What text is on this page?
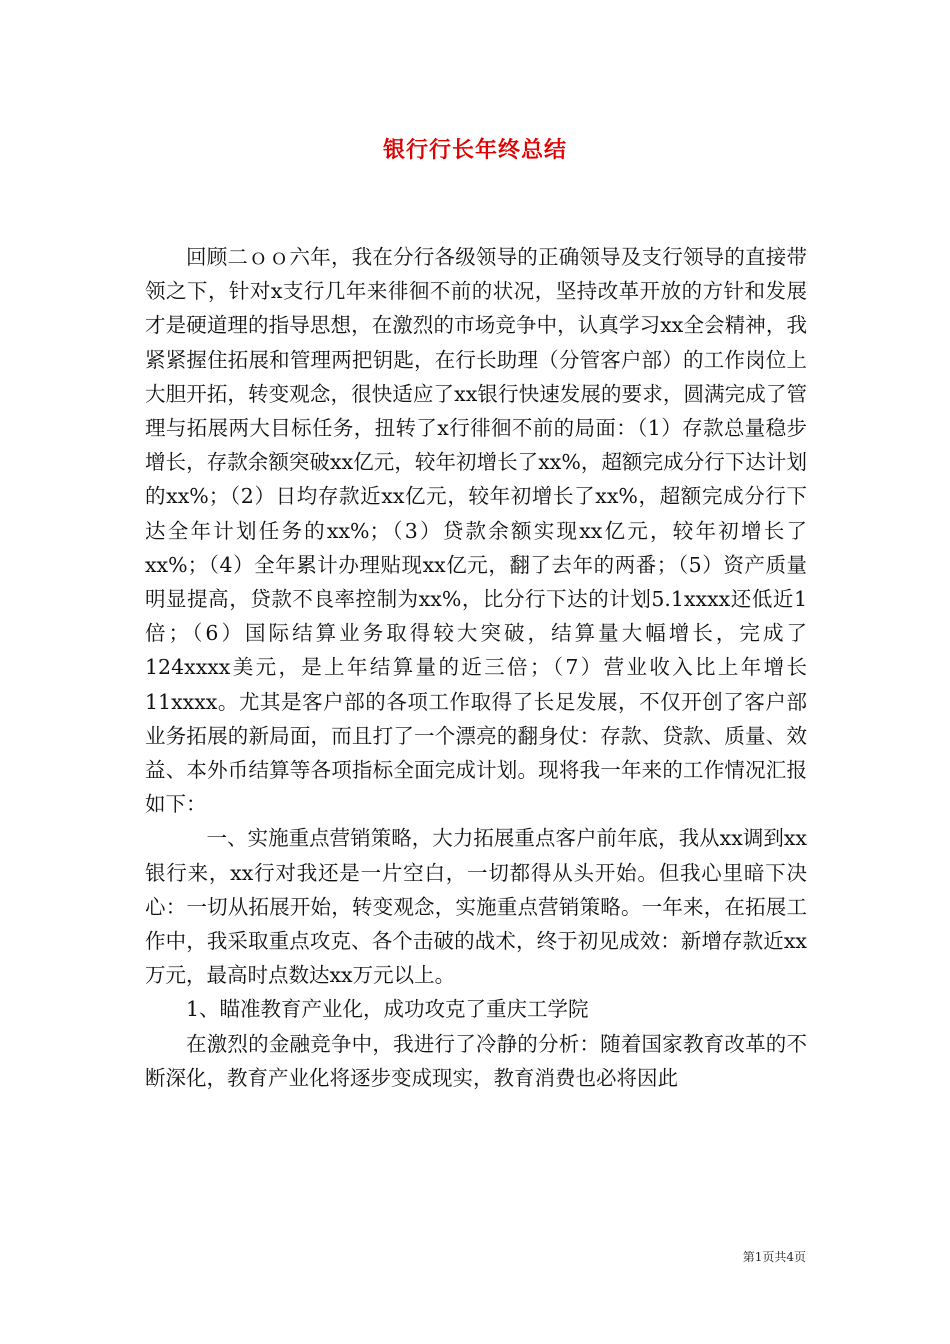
银行行长年终总结

回顾二ｏｏ六年，我在分行各级领导的正确领导及支行领导的直接带领之下，针对x支行几年来徘徊不前的状况，坚持改革开放的方针和发展才是硬道理的指导思想，在激烈的市场竞争中，认真学习xx全会精神，我紧紧握住拓展和管理两把钥匙，在行长助理（分管客户部）的工作岗位上大胆开拓，转变观念，很快适应了xx银行快速发展的要求，圆满完成了管理与拓展两大目标任务，扭转了x行徘徊不前的局面：（1）存款总量稳步增长，存款余额突破xx亿元，较年初增长了xx%，超额完成分行下达计划的xx%；（2）日均存款近xx亿元，较年初增长了xx%，超额完成分行下达全年计划任务的xx%；（3）贷款余额实现xx亿元，较年初增长了xx%；（4）全年累计办理贴现xx亿元，翻了去年的两番；（5）资产质量明显提高，贷款不良率控制为xx%，比分行下达的计划5.1xxxx还低近1倍；（6）国际结算业务取得较大突破，结算量大幅增长，完成了124xxxx美元，是上年结算量的近三倍；（7）营业收入比上年增长11xxxx。尤其是客户部的各项工作取得了长足发展，不仅开创了客户部业务拓展的新局面，而且打了一个漂亮的翻身仗：存款、贷款、质量、效益、本外币结算等各项指标全面完成计划。现将我一年来的工作情况汇报如下：

一、实施重点营销策略，大力拓展重点客户前年底，我从xx调到xx银行来，xx行对我还是一片空白，一切都得从头开始。但我心里暗下决心：一切从拓展开始，转变观念，实施重点营销策略。一年来，在拓展工作中，我采取重点攻克、各个击破的战术，终于初见成效：新增存款近xx万元，最高时点数达xx万元以上。

1、瞄准教育产业化，成功攻克了重庆工学院

在激烈的金融竞争中，我进行了冷静的分析：随着国家教育改革的不断深化，教育产业化将逐步变成现实，教育消费也必将因此

第1页共4页
